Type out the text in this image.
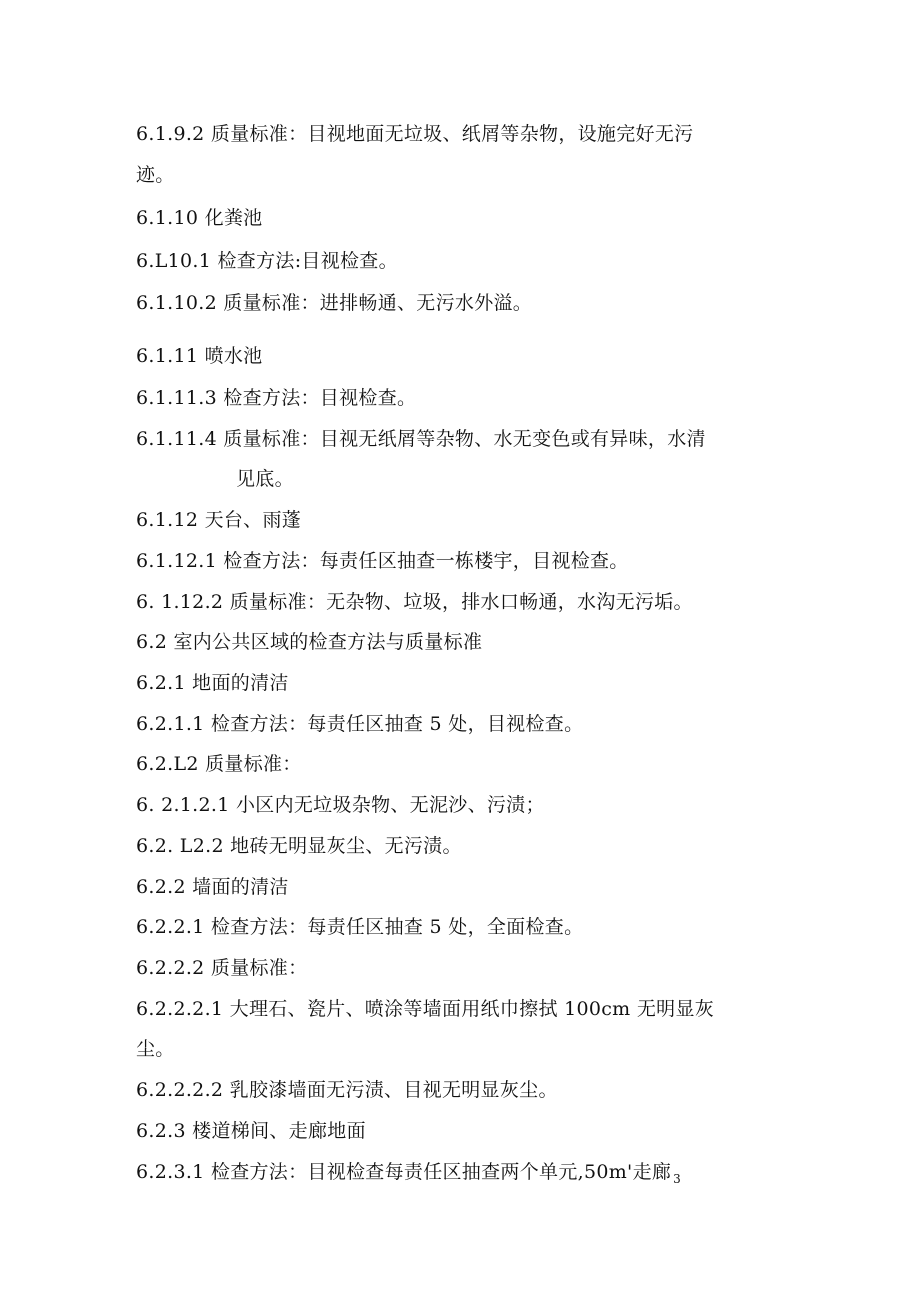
6.1.9.2 质量标准：目视地面无垃圾、纸屑等杂物，设施完好无污
迹。
6.1.10 化粪池
6.L10.1 检查方法:目视检查。
6.1.10.2 质量标准：进排畅通、无污水外溢。
6.1.11 喷水池
6.1.11.3 检查方法：目视检查。
6.1.11.4 质量标准：目视无纸屑等杂物、水无变色或有异味，水清
见底。
6.1.12 天台、雨蓬
6.1.12.1 检查方法：每责任区抽查一栋楼宇，目视检查。
6. 1.12.2 质量标准：无杂物、垃圾，排水口畅通，水沟无污垢。
6.2 室内公共区域的检查方法与质量标准
6.2.1 地面的清洁
6.2.1.1 检查方法：每责任区抽查 5 处，目视检查。
6.2.L2 质量标准：
6. 2.1.2.1 小区内无垃圾杂物、无泥沙、污渍；
6.2. L2.2 地砖无明显灰尘、无污渍。
6.2.2 墙面的清洁
6.2.2.1 检查方法：每责任区抽查 5 处，全面检查。
6.2.2.2 质量标准：
6.2.2.2.1 大理石、瓷片、喷涂等墙面用纸巾擦拭 100cm 无明显灰
尘。
6.2.2.2.2 乳胶漆墙面无污渍、目视无明显灰尘。
6.2.3 楼道梯间、走廊地面
6.2.3.1 检查方法：目视检查每责任区抽查两个单元,50m'走廊 $_3$
